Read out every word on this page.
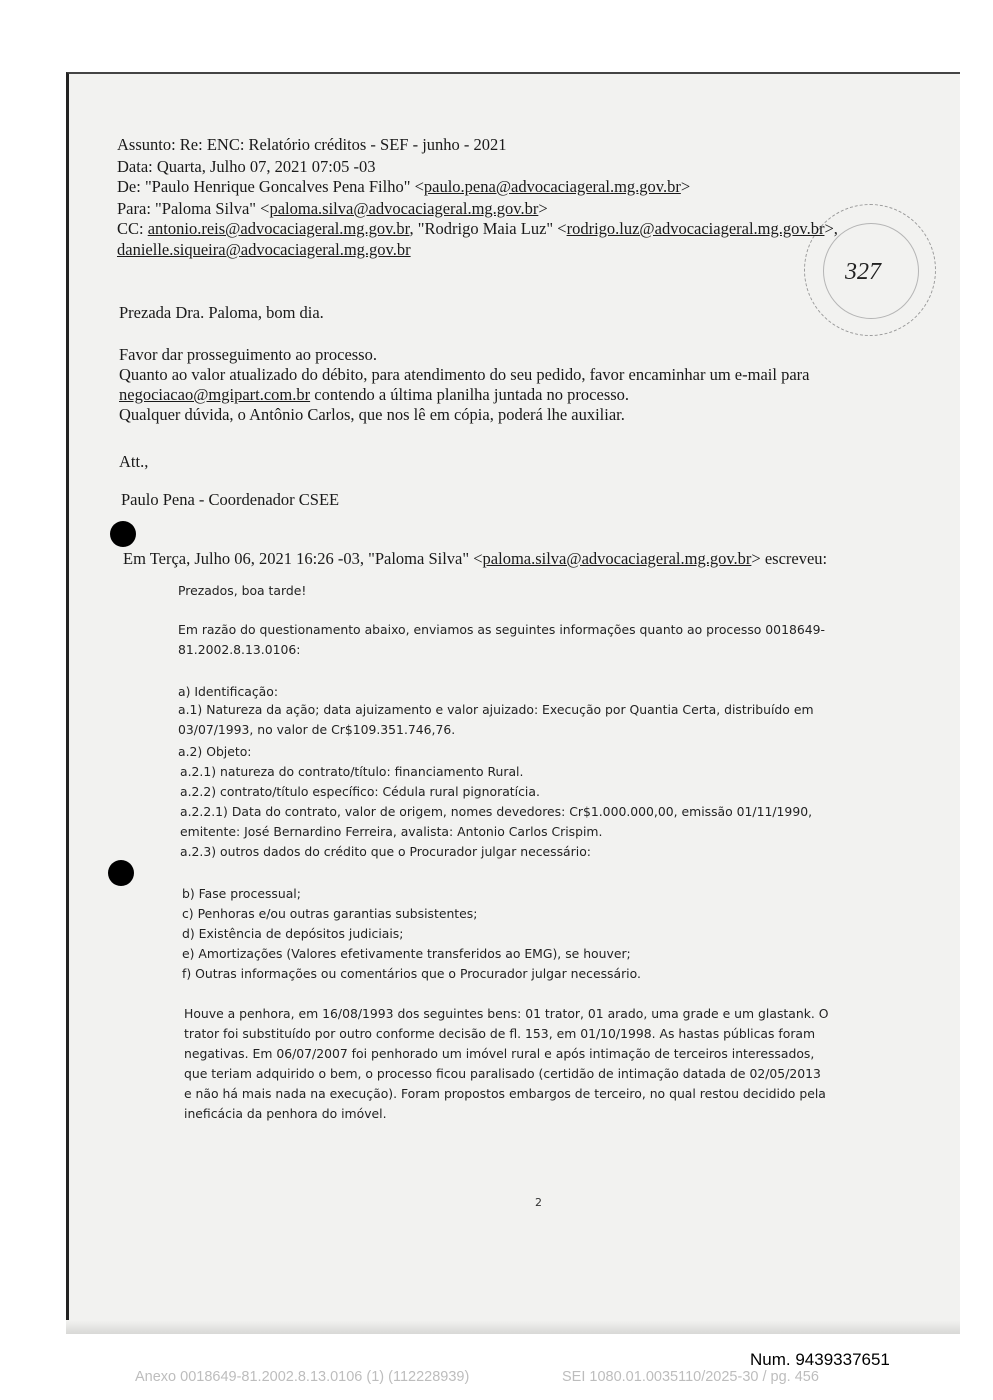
327
Assunto: Re: ENC: Relatório créditos - SEF - junho - 2021
Data: Quarta, Julho 07, 2021 07:05 -03
De: "Paulo Henrique Goncalves Pena Filho" <paulo.pena@advocaciageral.mg.gov.br>
Para: "Paloma Silva" <paloma.silva@advocaciageral.mg.gov.br>
CC: antonio.reis@advocaciageral.mg.gov.br, "Rodrigo Maia Luz" <rodrigo.luz@advocaciageral.mg.gov.br>,
danielle.siqueira@advocaciageral.mg.gov.br
Prezada Dra. Paloma, bom dia.
Favor dar prosseguimento ao processo.
Quanto ao valor atualizado do débito, para atendimento do seu pedido, favor encaminhar um e-mail para
negociacao@mgipart.com.br contendo a última planilha juntada no processo.
Qualquer dúvida, o Antônio Carlos, que nos lê em cópia, poderá lhe auxiliar.
Att.,
Paulo Pena - Coordenador CSEE
Em Terça, Julho 06, 2021 16:26 -03, "Paloma Silva" <paloma.silva@advocaciageral.mg.gov.br> escreveu:
Prezados, boa tarde!
Em razão do questionamento abaixo, enviamos as seguintes informações quanto ao processo 0018649-
81.2002.8.13.0106:
a) Identificação:
a.1) Natureza da ação; data ajuizamento e valor ajuizado: Execução por Quantia Certa, distribuído em
03/07/1993, no valor de Cr$109.351.746,76.
a.2) Objeto:
a.2.1) natureza do contrato/título: financiamento Rural.
a.2.2) contrato/título específico: Cédula rural pignoratícia.
a.2.2.1) Data do contrato, valor de origem, nomes devedores: Cr$1.000.000,00, emissão 01/11/1990,
emitente: José Bernardino Ferreira, avalista: Antonio Carlos Crispim.
a.2.3) outros dados do crédito que o Procurador julgar necessário:
b) Fase processual;
c) Penhoras e/ou outras garantias subsistentes;
d) Existência de depósitos judiciais;
e) Amortizações (Valores efetivamente transferidos ao EMG), se houver;
f) Outras informações ou comentários que o Procurador julgar necessário.
Houve a penhora, em 16/08/1993 dos seguintes bens: 01 trator, 01 arado, uma grade e um glastank. O
trator foi substituído por outro conforme decisão de fl. 153, em 01/10/1998. As hastas públicas foram
negativas. Em 06/07/2007 foi penhorado um imóvel rural e após intimação de terceiros interessados,
que teriam adquirido o bem, o processo ficou paralisado (certidão de intimação datada de 02/05/2013
e não há mais nada na execução). Foram propostos embargos de terceiro, no qual restou decidido pela
ineficácia da penhora do imóvel.
2
Num. 9439337651
Anexo 0018649-81.2002.8.13.0106 (1) (112228939)	SEI 1080.01.0035110/2025-30 / pg. 456
